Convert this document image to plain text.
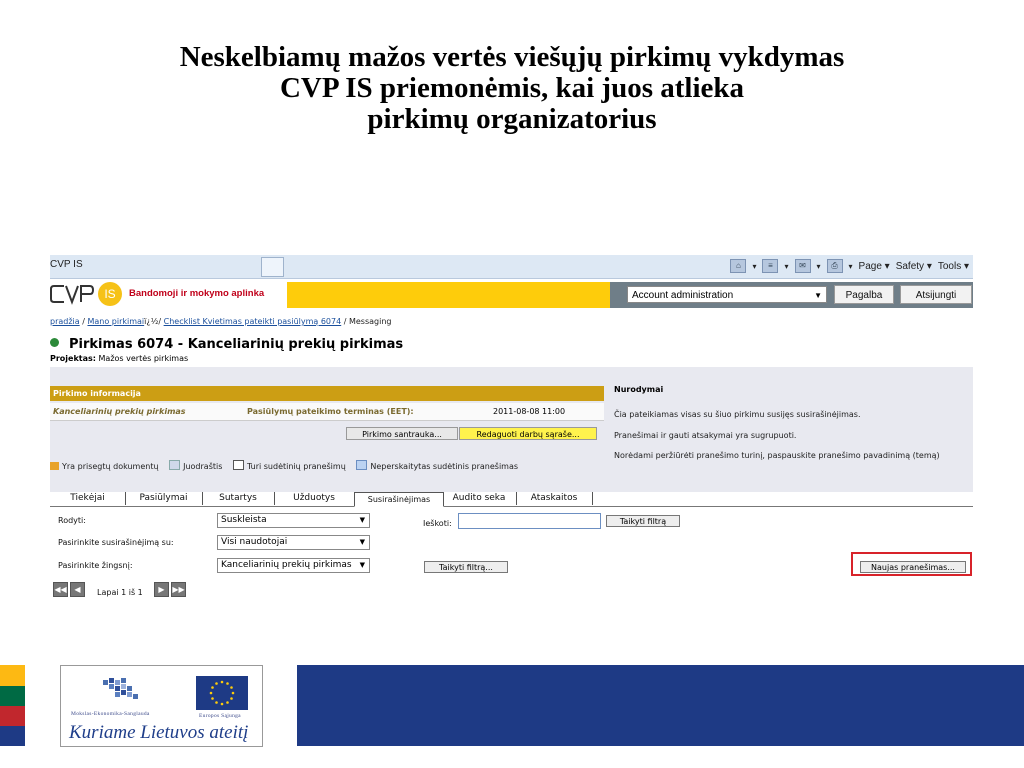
Neskelbiamų mažos vertės viešųjų pirkimų vykdymas
CVP IS priemonėmis, kai juos atlieka
pirkimų organizatorius
CVP IS	⌂	▾	≡	▾	✉	▾	⎙	▾ Page ▾ Safety ▾ Tools ▾
IS	Bandomoji ir mokymo aplinka	Account administration	▼	Pagalba	Atsijungti
pradžia / Mano pirkimaiï¿½/ Checklist Kvietimas pateikti pasiūlymą 6074 / Messaging
Pirkimas 6074 - Kanceliarinių prekių pirkimas
Projektas: Mažos vertės pirkimas
Pirkimo informacija
Kanceliarinių prekių pirkimas	Pasiūlymų pateikimo terminas (EET):	2011-08-08 11:00
Pirkimo santrauka...	Redaguoti darbų sąraše...
Yra prisegtų dokumentų	Juodraštis	Turi sudėtinių pranešimų	Neperskaitytas sudėtinis pranešimas
Nurodymai
Čia pateikiamas visas su šiuo pirkimu susijęs susirašinėjimas.
Pranešimai ir gauti atsakymai yra sugrupuoti.
Norėdami peržiūrėti pranešimo turinį, paspauskite pranešimo pavadinimą (temą)
Tiekėjai	Pasiūlymai	Sutartys	Užduotys	Susirašinėjimas	Audito seka	Ataskaitos
Rodyti:	Suskleista	▼	Ieškoti:	Taikyti filtrą
Pasirinkite susirašinėjimą su:	Visi naudotojai	▼
Pasirinkite žingsnį:	Kanceliarinių prekių pirkimas ▼	Taikyti filtrą...	Naujas pranešimas...
◀◀ ◀	Lapai 1 iš 1	▶ ▶▶
Mokslas-Ekonomika-Sanglauda	Europos Sąjunga
Kuriame Lietuvos ateitį
